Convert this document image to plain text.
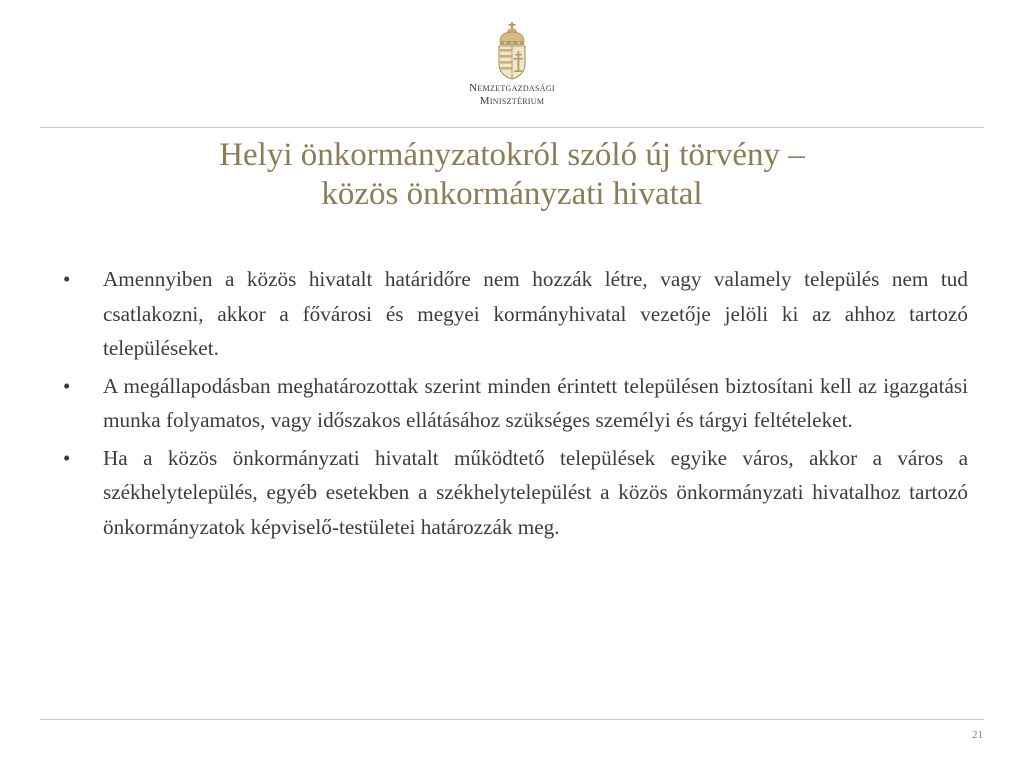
Nemzetgazdasági
Minisztérium
Helyi önkormányzatokról szóló új törvény –
közös önkormányzati hivatal
• Amennyiben a közös hivatalt határidőre nem hozzák létre, vagy valamely település nem tud csatlakozni, akkor a fővárosi és megyei kormányhivatal vezetője jelöli ki az ahhoz tartozó településeket.
• A megállapodásban meghatározottak szerint minden érintett településen biztosítani kell az igazgatási munka folyamatos, vagy időszakos ellátásához szükséges személyi és tárgyi feltételeket.
• Ha a közös önkormányzati hivatalt működtető települések egyike város, akkor a város a székhelytelepülés, egyéb esetekben a székhelytelepülést a közös önkormányzati hivatalhoz tartozó önkormányzatok képviselő-testületei határozzák meg.
21
